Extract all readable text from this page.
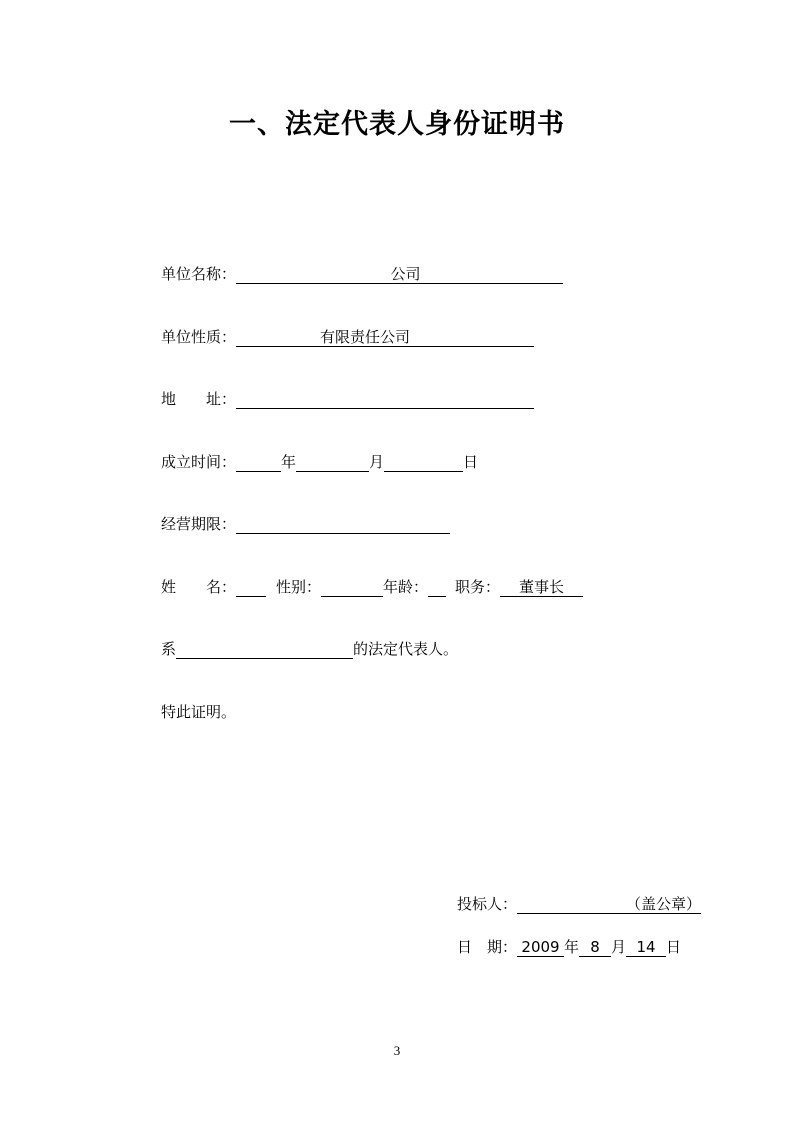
一、法定代表人身份证明书
单位名称：	公司
单位性质：	有限责任公司
地　　址：
成立时间：	年	月	日
经营期限：
姓　　名：	性别：	年龄： 职务： 董事长
系	的法定代表人。
特此证明。
投标人：	（盖公章）
日　期： 2009 年 8 月 14 日
3
